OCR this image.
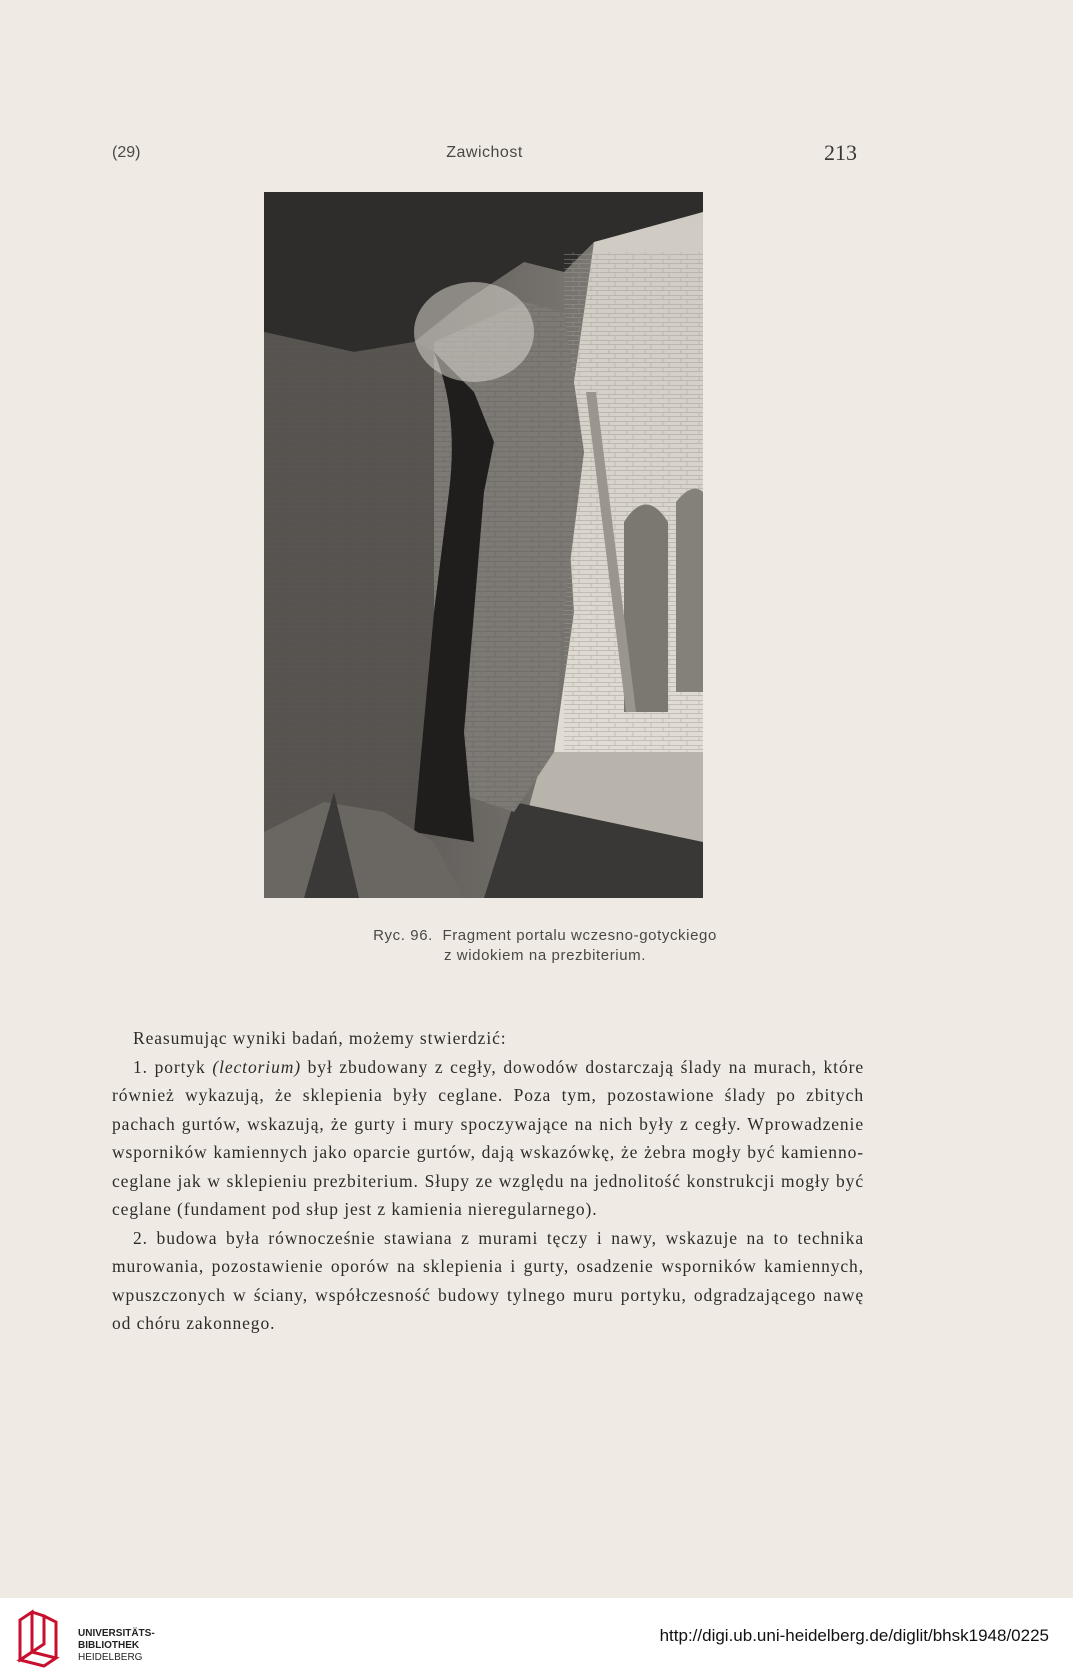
(29)	Zawichost	213
Ryc. 96.  Fragment portalu wczesno-gotyckiego
z widokiem na prezbiterium.

Reasumując wyniki badań, możemy stwierdzić:

1. portyk (lectorium) był zbudowany z cegły, dowodów dostarczają ślady na murach, które również wykazują, że sklepienia były ceglane. Poza tym, pozostawione ślady po zbitych pachach gurtów, wskazują, że gurty i mury spoczywające na nich były z cegły. Wprowadzenie wsporników kamiennych jako oparcie gurtów, dają wskazówkę, że żebra mogły być kamienno-ceglane jak w sklepieniu prezbiterium. Słupy ze względu na jednolitość konstrukcji mogły być ceglane (fundament pod słup jest z kamienia nieregularnego).

2. budowa była równocześnie stawiana z murami tęczy i nawy, wskazuje na to technika murowania, pozostawienie oporów na sklepienia i gurty, osadzenie wsporników kamiennych, wpuszczonych w ściany, współczesność budowy tylnego muru portyku, odgradzającego nawę od chóru zakonnego.

UNIVERSITÄTS-
BIBLIOTHEK
HEIDELBERG
http://digi.ub.uni-heidelberg.de/diglit/bhsk1948/0225
